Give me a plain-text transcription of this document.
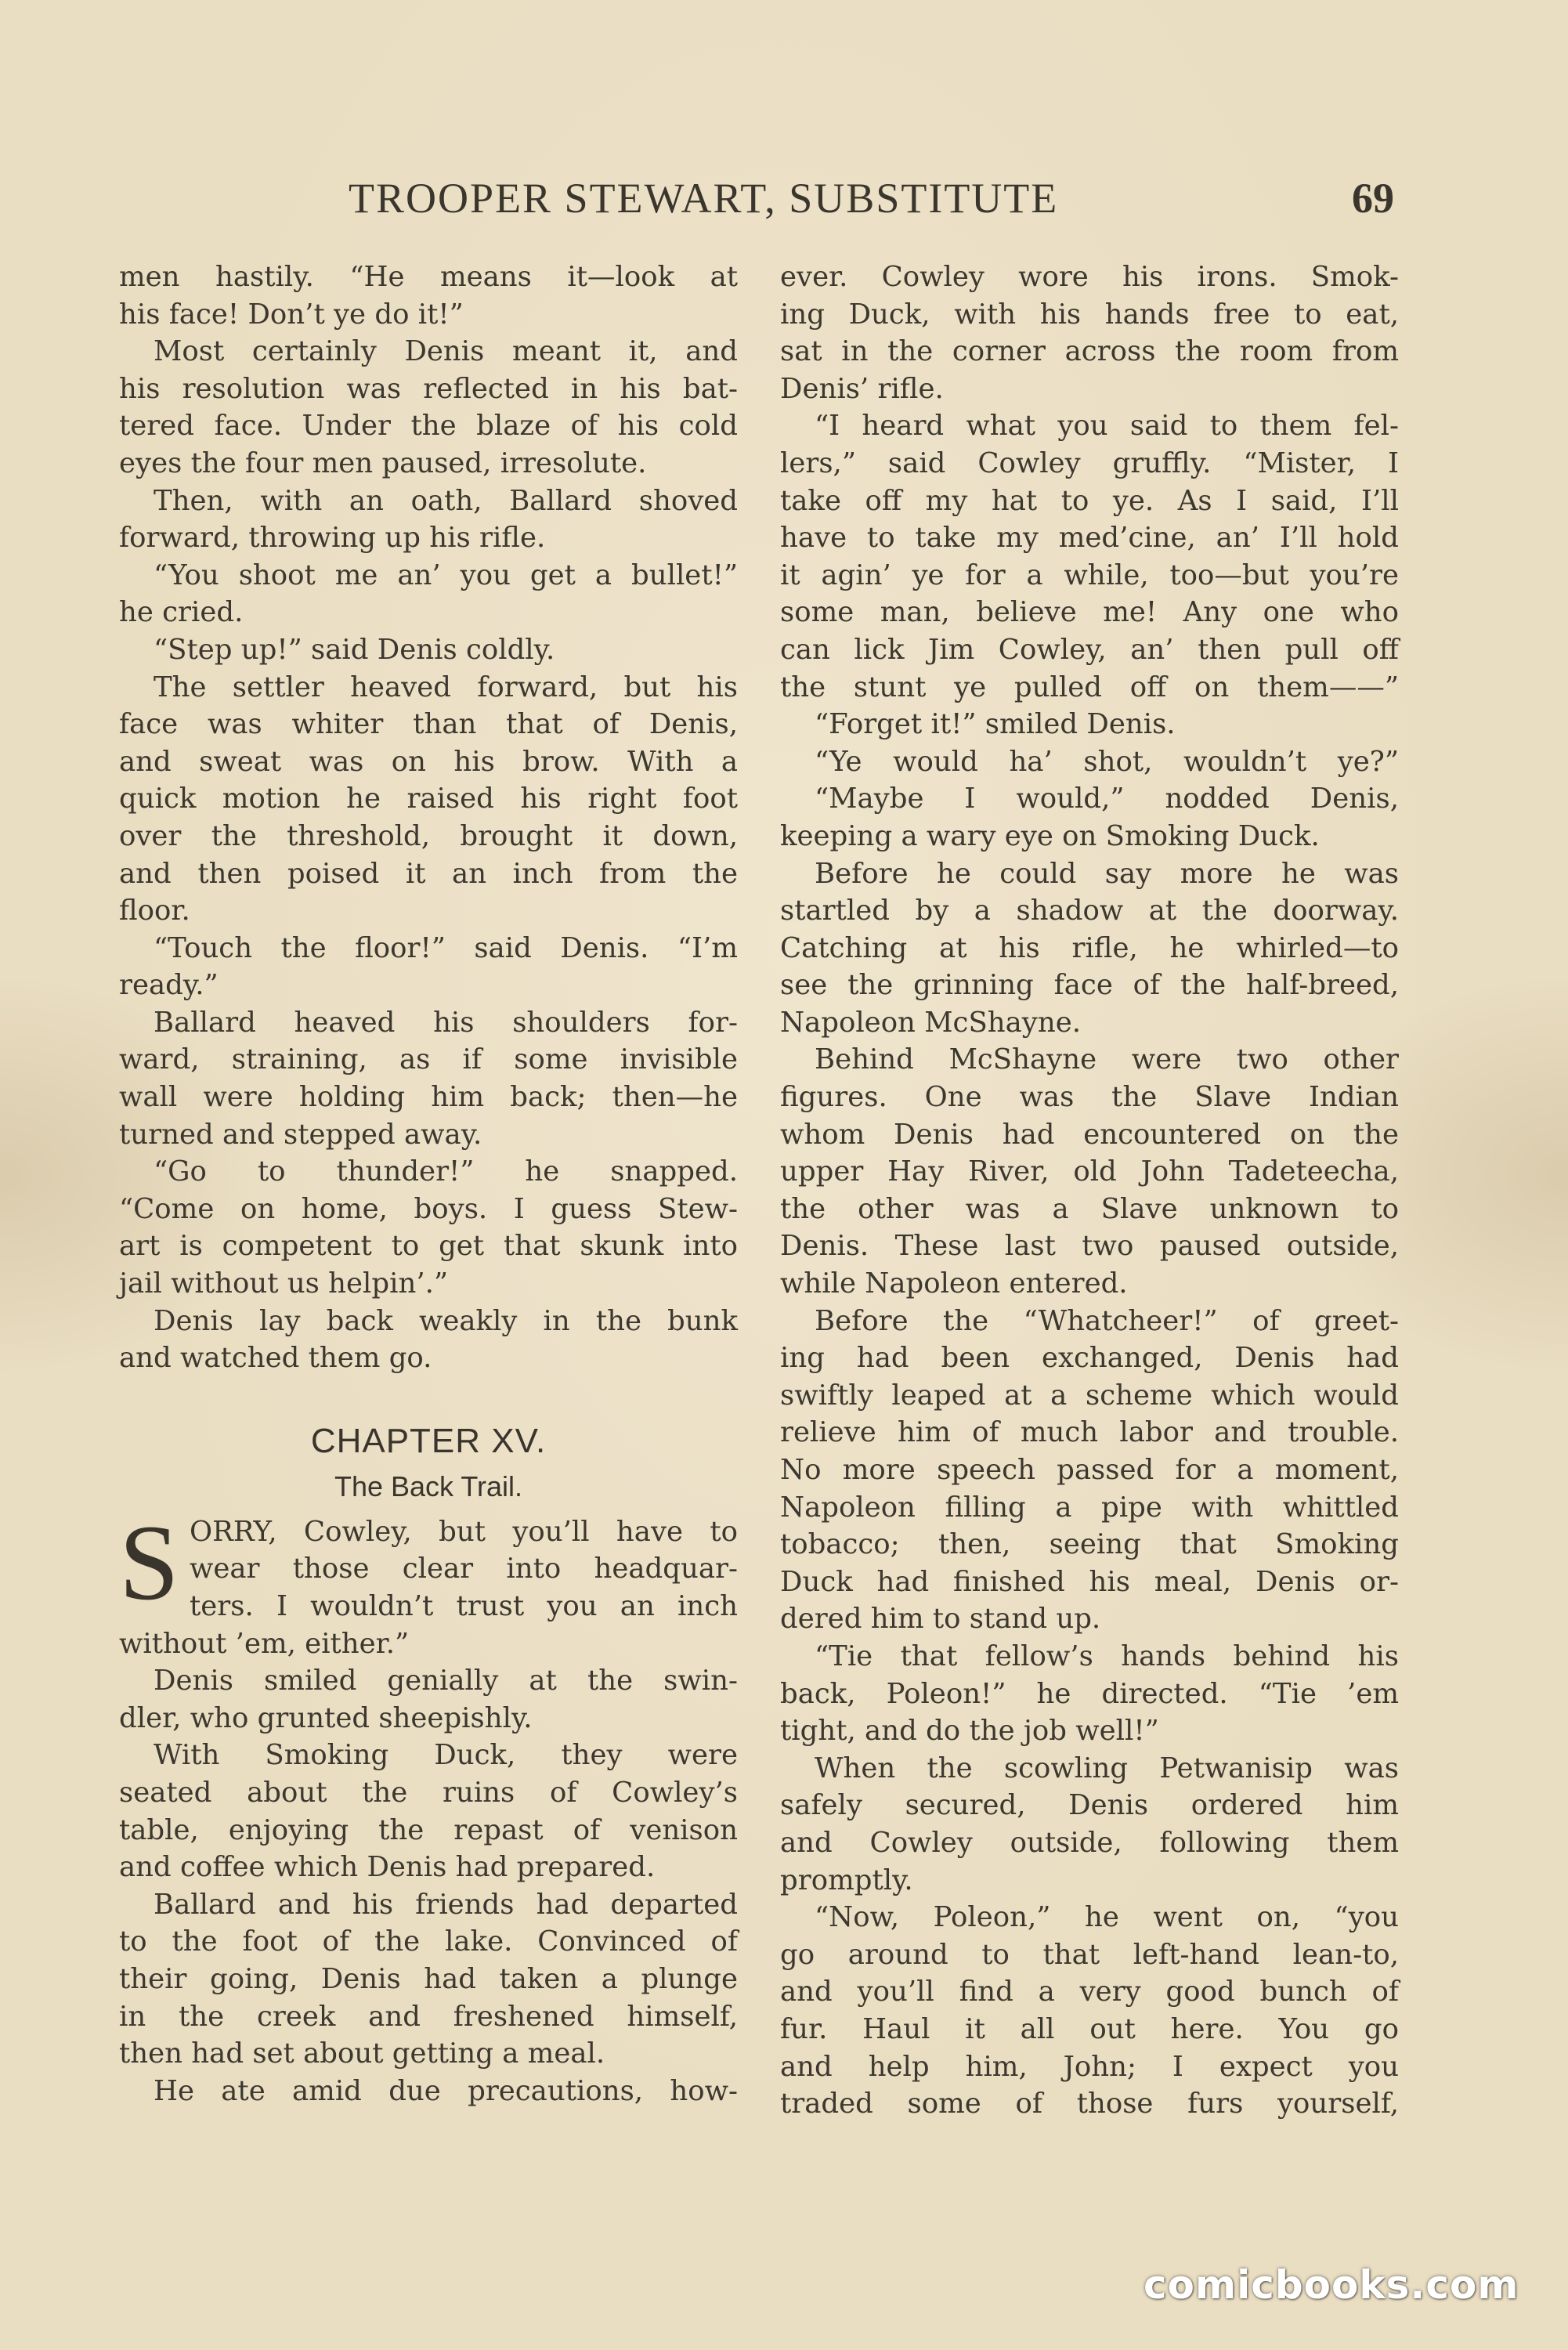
TROOPER STEWART, SUBSTITUTE	69
men hastily. “He means it—look at
his face! Don’t ye do it!”
Most certainly Denis meant it, and
his resolution was reflected in his bat-
tered face. Under the blaze of his cold
eyes the four men paused, irresolute.
Then, with an oath, Ballard shoved
forward, throwing up his rifle.
“You shoot me an’ you get a bullet!”
he cried.
“Step up!” said Denis coldly.
The settler heaved forward, but his
face was whiter than that of Denis,
and sweat was on his brow. With a
quick motion he raised his right foot
over the threshold, brought it down,
and then poised it an inch from the
floor.
“Touch the floor!” said Denis. “I’m
ready.”
Ballard heaved his shoulders for-
ward, straining, as if some invisible
wall were holding him back; then—he
turned and stepped away.
“Go to thunder!” he snapped.
“Come on home, boys. I guess Stew-
art is competent to get that skunk into
jail without us helpin’.”
Denis lay back weakly in the bunk
and watched them go.
CHAPTER XV.
The Back Trail.
S ORRY, Cowley, but you’ll have to
wear those clear into headquar-
ters. I wouldn’t trust you an inch
without ’em, either.”
Denis smiled genially at the swin-
dler, who grunted sheepishly.
With Smoking Duck, they were
seated about the ruins of Cowley’s
table, enjoying the repast of venison
and coffee which Denis had prepared.
Ballard and his friends had departed
to the foot of the lake. Convinced of
their going, Denis had taken a plunge
in the creek and freshened himself,
then had set about getting a meal.
He ate amid due precautions, how-
ever. Cowley wore his irons. Smok-
ing Duck, with his hands free to eat,
sat in the corner across the room from
Denis’ rifle.
“I heard what you said to them fel-
lers,” said Cowley gruffly. “Mister, I
take off my hat to ye. As I said, I’ll
have to take my med’cine, an’ I’ll hold
it agin’ ye for a while, too—but you’re
some man, believe me! Any one who
can lick Jim Cowley, an’ then pull off
the stunt ye pulled off on them——”
“Forget it!” smiled Denis.
“Ye would ha’ shot, wouldn’t ye?”
“Maybe I would,” nodded Denis,
keeping a wary eye on Smoking Duck.
Before he could say more he was
startled by a shadow at the doorway.
Catching at his rifle, he whirled—to
see the grinning face of the half-breed,
Napoleon McShayne.
Behind McShayne were two other
figures. One was the Slave Indian
whom Denis had encountered on the
upper Hay River, old John Tadeteecha,
the other was a Slave unknown to
Denis. These last two paused outside,
while Napoleon entered.
Before the “Whatcheer!” of greet-
ing had been exchanged, Denis had
swiftly leaped at a scheme which would
relieve him of much labor and trouble.
No more speech passed for a moment,
Napoleon filling a pipe with whittled
tobacco; then, seeing that Smoking
Duck had finished his meal, Denis or-
dered him to stand up.
“Tie that fellow’s hands behind his
back, Poleon!” he directed. “Tie ’em
tight, and do the job well!”
When the scowling Petwanisip was
safely secured, Denis ordered him
and Cowley outside, following them
promptly.
“Now, Poleon,” he went on, “you
go around to that left-hand lean-to,
and you’ll find a very good bunch of
fur. Haul it all out here. You go
and help him, John; I expect you
traded some of those furs yourself,
comicbooks.com
